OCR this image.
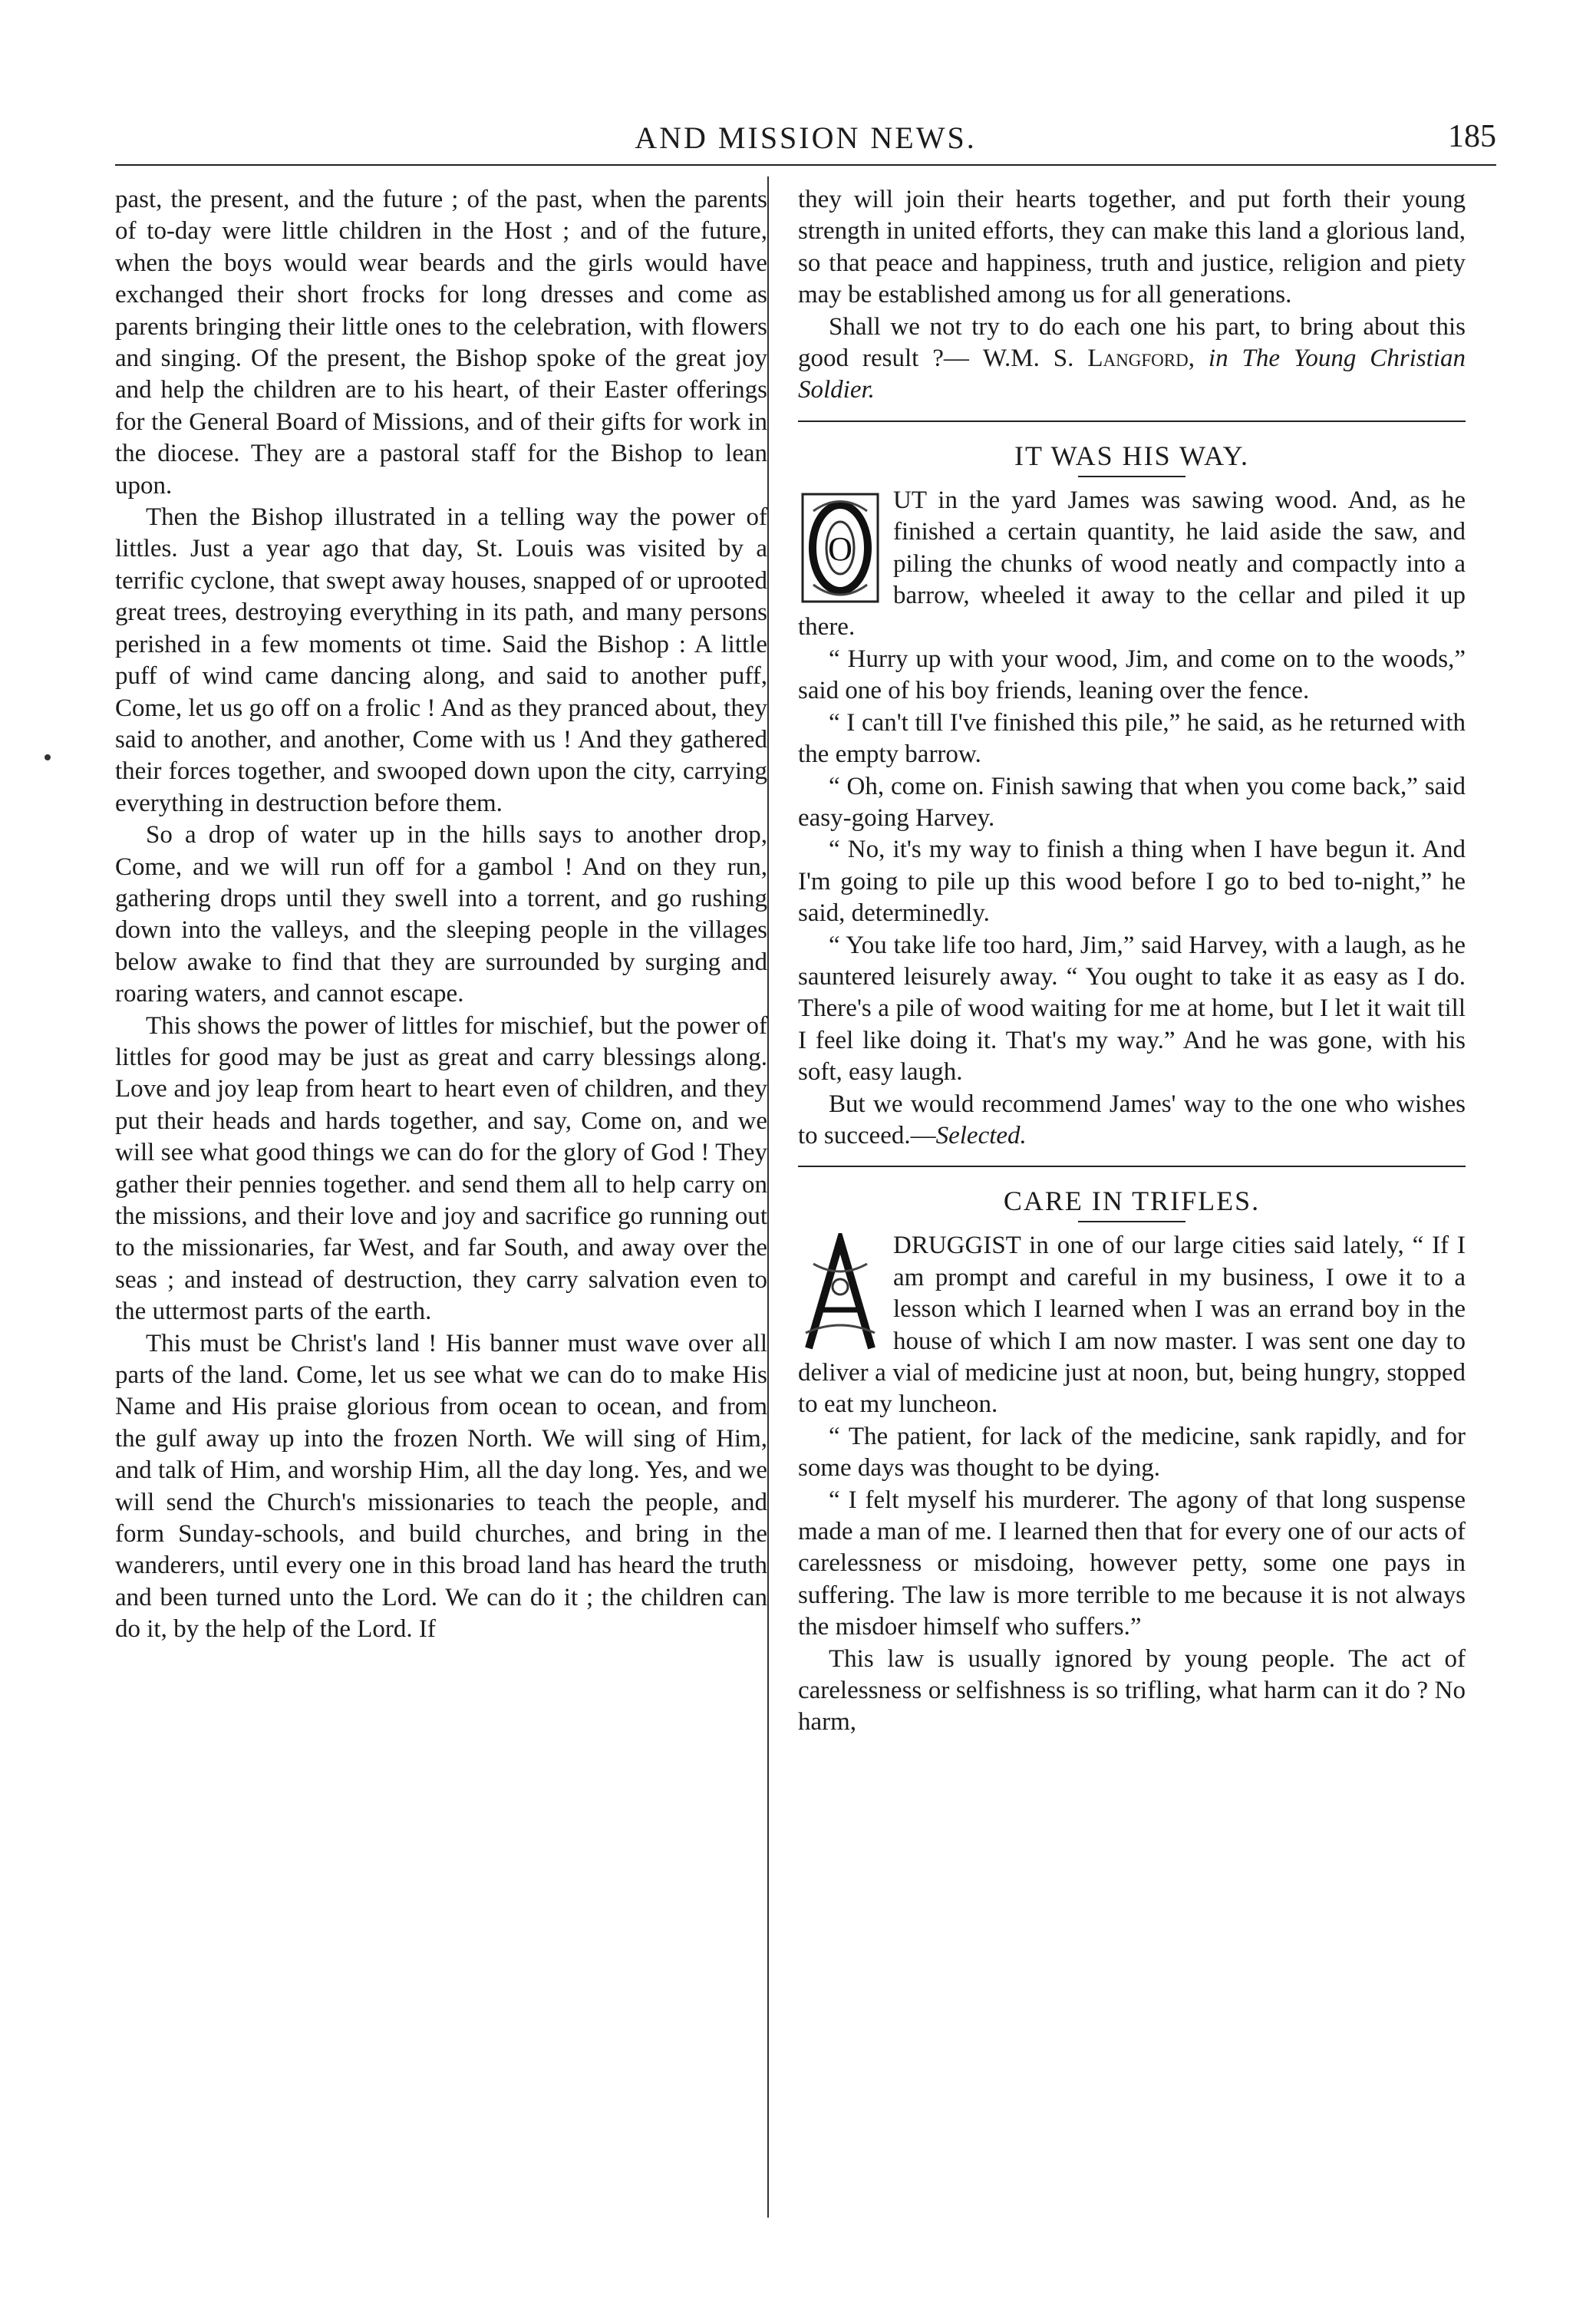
AND MISSION NEWS.	185

past, the present, and the future ; of the past, when the parents of to-day were little children in the Host ; and of the future, when the boys would wear beards and the girls would have exchanged their short frocks for long dresses and come as parents bringing their little ones to the celebration, with flowers and singing. Of the present, the Bishop spoke of the great joy and help the children are to his heart, of their Easter offerings for the General Board of Missions, and of their gifts for work in the diocese. They are a pastoral staff for the Bishop to lean upon.

Then the Bishop illustrated in a telling way the power of littles. Just a year ago that day, St. Louis was visited by a terrific cyclone, that swept away houses, snapped of or uprooted great trees, destroying everything in its path, and many persons perished in a few moments ot time. Said the Bishop : A little puff of wind came dancing along, and said to another puff, Come, let us go off on a frolic ! And as they pranced about, they said to another, and another, Come with us ! And they gathered their forces together, and swooped down upon the city, carrying everything in destruction before them.

So a drop of water up in the hills says to another drop, Come, and we will run off for a gambol ! And on they run, gathering drops until they swell into a torrent, and go rushing down into the valleys, and the sleeping people in the villages below awake to find that they are surrounded by surging and roaring waters, and cannot escape.

This shows the power of littles for mischief, but the power of littles for good may be just as great and carry blessings along. Love and joy leap from heart to heart even of children, and they put their heads and hards together, and say, Come on, and we will see what good things we can do for the glory of God ! They gather their pennies together. and send them all to help carry on the missions, and their love and joy and sacrifice go running out to the missionaries, far West, and far South, and away over the seas ; and instead of destruction, they carry salvation even to the uttermost parts of the earth.

This must be Christ's land ! His banner must wave over all parts of the land. Come, let us see what we can do to make His Name and His praise glorious from ocean to ocean, and from the gulf away up into the frozen North. We will sing of Him, and talk of Him, and worship Him, all the day long. Yes, and we will send the Church's missionaries to teach the people, and form Sunday-schools, and build churches, and bring in the wanderers, until every one in this broad land has heard the truth and been turned unto the Lord. We can do it ; the children can do it, by the help of the Lord. If

they will join their hearts together, and put forth their young strength in united efforts, they can make this land a glorious land, so that peace and happiness, truth and justice, religion and piety may be established among us for all generations.

Shall we not try to do each one his part, to bring about this good result ?— W.M. S. Langford, in The Young Christian Soldier.

IT WAS HIS WAY.

O
UT in the yard James was sawing wood. And, as he finished a certain quantity, he laid aside the saw, and piling the chunks of wood neatly and compactly into a barrow, wheeled it away to the cellar and piled it up there.

“ Hurry up with your wood, Jim, and come on to the woods,” said one of his boy friends, leaning over the fence.

“ I can't till I've finished this pile,” he said, as he returned with the empty barrow.

“ Oh, come on. Finish sawing that when you come back,” said easy-going Harvey.

“ No, it's my way to finish a thing when I have begun it. And I'm going to pile up this wood before I go to bed to-night,” he said, determinedly.

“ You take life too hard, Jim,” said Harvey, with a laugh, as he sauntered leisurely away. “ You ought to take it as easy as I do. There's a pile of wood waiting for me at home, but I let it wait till I feel like doing it. That's my way.” And he was gone, with his soft, easy laugh.

But we would recommend James' way to the one who wishes to succeed.—Selected.

CARE IN TRIFLES.

A
DRUGGIST in one of our large cities said lately, “ If I am prompt and careful in my business, I owe it to a lesson which I learned when I was an errand boy in the house of which I am now master. I was sent one day to deliver a vial of medicine just at noon, but, being hungry, stopped to eat my luncheon.

“ The patient, for lack of the medicine, sank rapidly, and for some days was thought to be dying.

“ I felt myself his murderer. The agony of that long suspense made a man of me. I learned then that for every one of our acts of carelessness or misdoing, however petty, some one pays in suffering. The law is more terrible to me because it is not always the misdoer himself who suffers.”

This law is usually ignored by young people. The act of carelessness or selfishness is so trifling, what harm can it do ? No harm,
